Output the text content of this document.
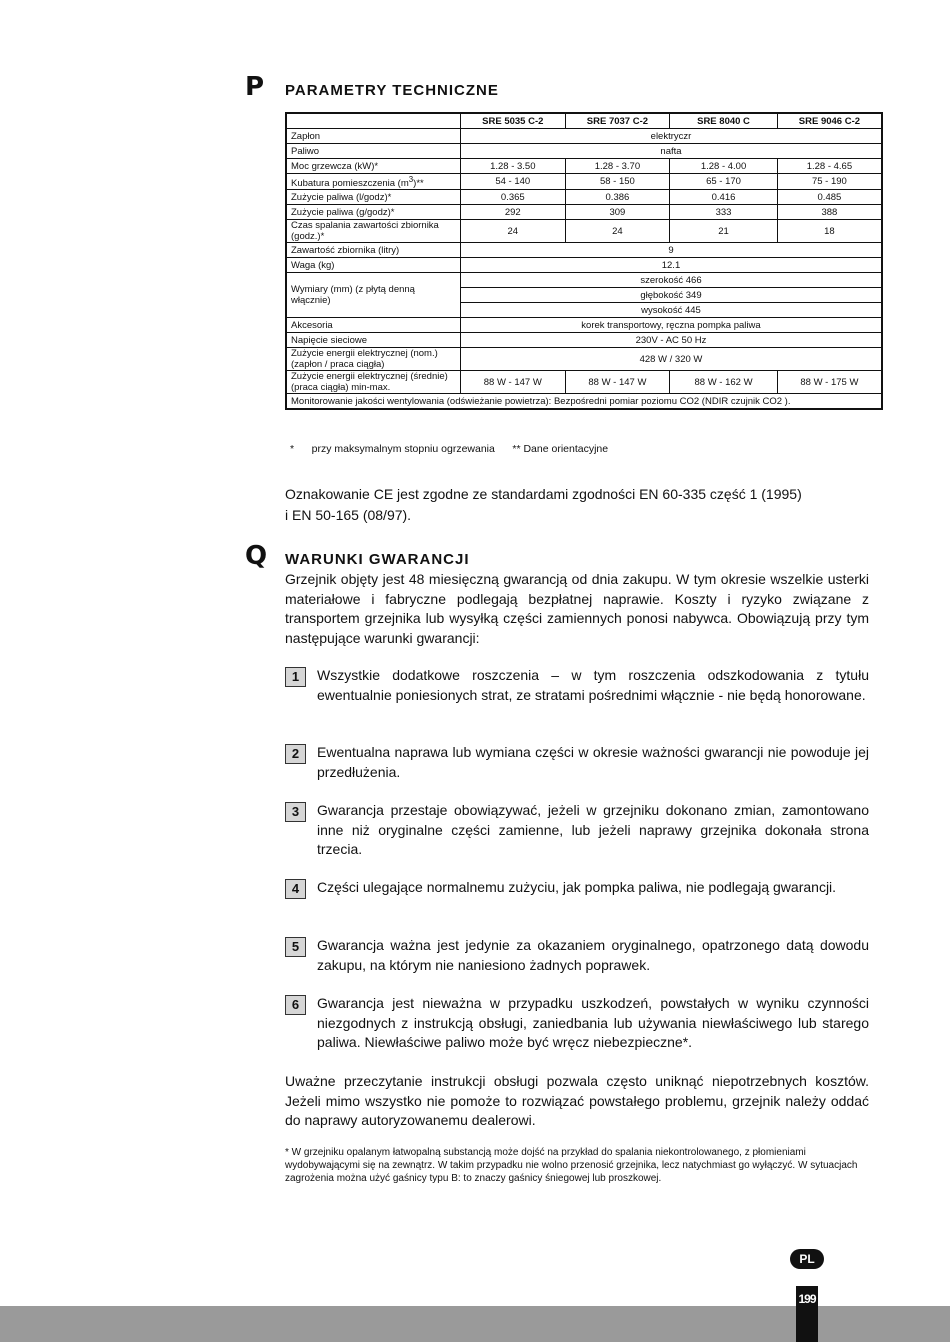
P PARAMETRY TECHNICZNE
	SRE 5035 C-2	SRE 7037 C-2	SRE 8040 C	SRE 9046 C-2
Zapłon	elektryczr			
Paliwo	nafta			
Moc grzewcza (kW)*	1.28 - 3.50	1.28 - 3.70	1.28 - 4.00	1.28 - 4.65
Kubatura pomieszczenia $(m^3)**$	54 - 140	58 - 150	65 - 170	75 - 190
Zużycie paliwa (l/godz)*	0.365	0.386	0.416	0.485
Zużycie paliwa (g/godz)*	292	309	333	388
Czas spalania zawartości zbiornika (godz.)*	24	24	21	18
Zawartość zbiornika (litry)	9			
Waga (kg)	12.1			
Wymiary (mm) (z płytą denną włącznie)	szerokość 466			
	głębokość 349			
	wysokość 445			
Akcesoria	korek transportowy, ręczna pompka paliwa			
Napięcie sieciowe	230V - AC 50 Hz			
Zużycie energii elektrycznej (nom.) (zapłon / praca ciągła)	428 W / 320 W			
Zużycie energii elektrycznej (średnie) (praca ciągła) min-max.	88 W - 147 W	88 W - 147 W	88 W - 162 W	88 W - 175 W
Monitorowanie jakości wentylowania (odświeżanie powietrza): Bezpośredni pomiar poziomu CO2 (NDIR czujnik CO2 ).				
* przy maksymalnym stopniu ogrzewania ** Dane orientacyjne
Oznakowanie CE jest zgodne ze standardami zgodności EN 60-335 część 1 (1995)
i EN 50-165 (08/97).
Q WARUNKI GWARANCJI
Grzejnik objęty jest 48 miesięczną gwarancją od dnia zakupu. W tym okresie wszelkie usterki materiałowe i fabryczne podlegają bezpłatnej naprawie. Koszty i ryzyko związane z transportem grzejnika lub wysyłką części zamiennych ponosi nabywca. Obowiązują przy tym następujące warunki gwarancji:
1	Wszystkie dodatkowe roszczenia – w tym roszczenia odszkodowania z tytułu ewentualnie poniesionych strat, ze stratami pośrednimi włącznie - nie będą honorowane.
2	Ewentualna naprawa lub wymiana części w okresie ważności gwarancji nie powoduje jej przedłużenia.
3	Gwarancja przestaje obowiązywać, jeżeli w grzejniku dokonano zmian, zamontowano inne niż oryginalne części zamienne, lub jeżeli naprawy grzejnika dokonała strona trzecia.
4	Części ulegające normalnemu zużyciu, jak pompka paliwa, nie podlegają gwarancji.
5	Gwarancja ważna jest jedynie za okazaniem oryginalnego, opatrzonego datą dowodu zakupu, na którym nie naniesiono żadnych poprawek.
6	Gwarancja jest nieważna w przypadku uszkodzeń, powstałych w wyniku czynności niezgodnych z instrukcją obsługi, zaniedbania lub używania niewłaściwego lub starego paliwa. Niewłaściwe paliwo może być wręcz niebezpieczne*.
Uważne przeczytanie instrukcji obsługi pozwala często uniknąć niepotrzebnych kosztów. Jeżeli mimo wszystko nie pomoże to rozwiązać powstałego problemu, grzejnik należy oddać do naprawy autoryzowanemu dealerowi.
* W grzejniku opalanym łatwopalną substancją może dojść na przykład do spalania niekontrolowanego, z płomieniami wydobywającymi się na zewnątrz. W takim przypadku nie wolno przenosić grzejnika, lecz natychmiast go wyłączyć. W sytuacjach zagrożenia można użyć gaśnicy typu B: to znaczy gaśnicy śniegowej lub proszkowej.
PL
199
